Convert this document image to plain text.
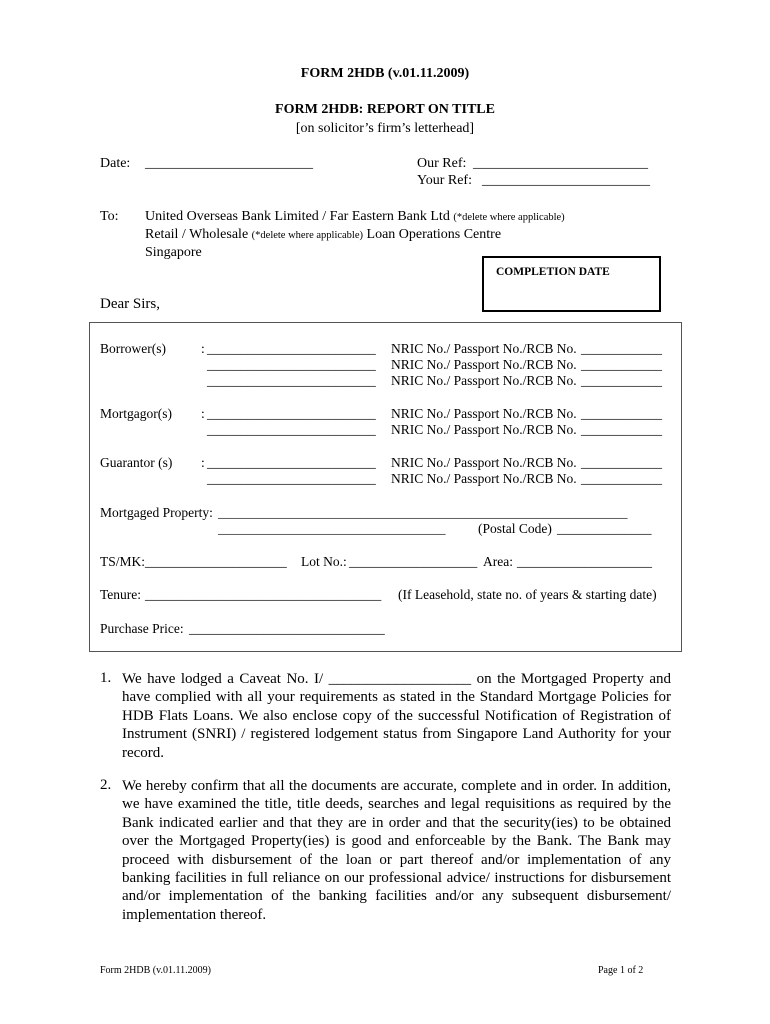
FORM 2HDB (v.01.11.2009)
FORM 2HDB: REPORT ON TITLE
[on solicitor’s firm’s letterhead]
Date: ________________________	Our Ref: _________________________
Your Ref: ________________________
To: United Overseas Bank Limited / Far Eastern Bank Ltd (*delete where applicable)
Retail / Wholesale (*delete where applicable) Loan Operations Centre
Singapore
COMPLETION DATE
Dear Sirs,
Borrower(s)	: _________________________ NRIC No./ Passport No./RCB No. ____________
_________________________ NRIC No./ Passport No./RCB No. ____________
_________________________ NRIC No./ Passport No./RCB No. ____________
Mortgagor(s) : _________________________ NRIC No./ Passport No./RCB No. ____________
_________________________ NRIC No./ Passport No./RCB No. ____________
Guarantor (s) : _________________________ NRIC No./ Passport No./RCB No. ____________
_________________________ NRIC No./ Passport No./RCB No. ____________
Mortgaged Property: _______________________________________________________________
___________________________________ (Postal Code) ______________
TS/MK: _____________________ Lot No.: ___________________ Area: ____________________
Tenure: ___________________________________ (If Leasehold, state no. of years & starting date)
Purchase Price: _____________________________
1. We have lodged a Caveat No. I/ ___________________ on the Mortgaged Property and have complied with all your requirements as stated in the Standard Mortgage Policies for HDB Flats Loans. We also enclose copy of the successful Notification of Registration of Instrument (SNRI) / registered lodgement status from Singapore Land Authority for your record.
2. We hereby confirm that all the documents are accurate, complete and in order. In addition, we have examined the title, title deeds, searches and legal requisitions as required by the Bank indicated earlier and that they are in order and that the security(ies) to be obtained over the Mortgaged Property(ies) is good and enforceable by the Bank. The Bank may proceed with disbursement of the loan or part thereof and/or implementation of any banking facilities in full reliance on our professional advice/ instructions for disbursement and/or implementation of the banking facilities and/or any subsequent disbursement/ implementation thereof.
Form 2HDB (v.01.11.2009)	Page 1 of 2
